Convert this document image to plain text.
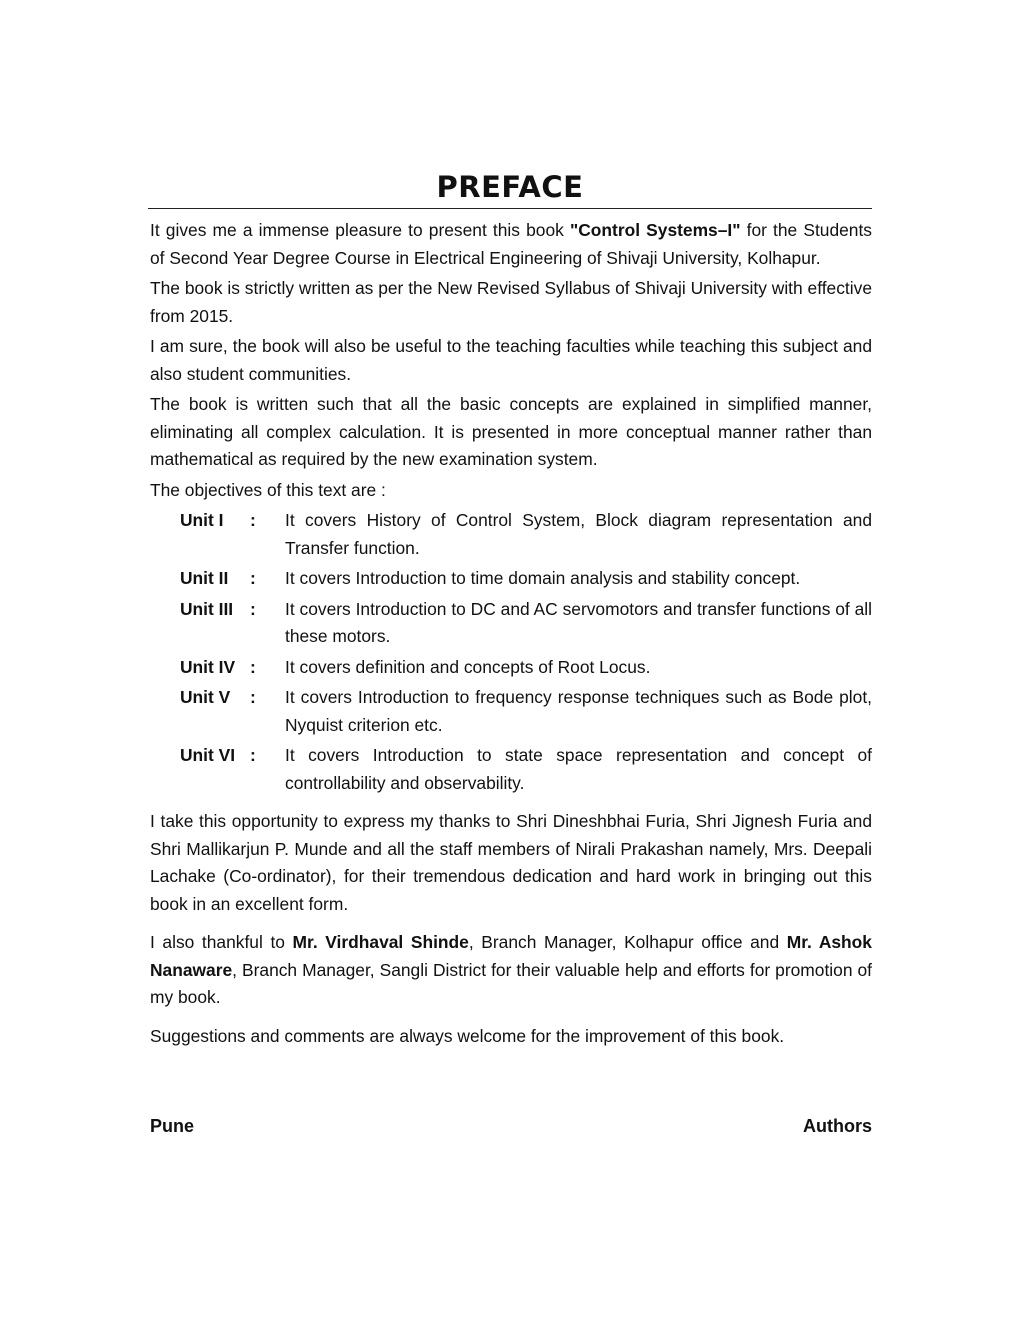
PREFACE

It gives me a immense pleasure to present this book "Control Systems–I" for the Students of Second Year Degree Course in Electrical Engineering of Shivaji University, Kolhapur.

The book is strictly written as per the New Revised Syllabus of Shivaji University with effective from 2015.

I am sure, the book will also be useful to the teaching faculties while teaching this subject and also student communities.

The book is written such that all the basic concepts are explained in simplified manner, eliminating all complex calculation. It is presented in more conceptual manner rather than mathematical as required by the new examination system.

The objectives of this text are :

Unit I	:	It covers History of Control System, Block diagram representation and Transfer function.
Unit II	:	It covers Introduction to time domain analysis and stability concept.
Unit III :	It covers Introduction to DC and AC servomotors and transfer functions of all these motors.
Unit IV :	It covers definition and concepts of Root Locus.
Unit V	:	It covers Introduction to frequency response techniques such as Bode plot, Nyquist criterion etc.
Unit VI :	It covers Introduction to state space representation and concept of controllability and observability.

I take this opportunity to express my thanks to Shri Dineshbhai Furia, Shri Jignesh Furia and Shri Mallikarjun P. Munde and all the staff members of Nirali Prakashan namely, Mrs. Deepali Lachake (Co-ordinator), for their tremendous dedication and hard work in bringing out this book in an excellent form.

I also thankful to Mr. Virdhaval Shinde, Branch Manager, Kolhapur office and Mr. Ashok Nanaware, Branch Manager, Sangli District for their valuable help and efforts for promotion of my book.

Suggestions and comments are always welcome for the improvement of this book.

Pune	Authors
